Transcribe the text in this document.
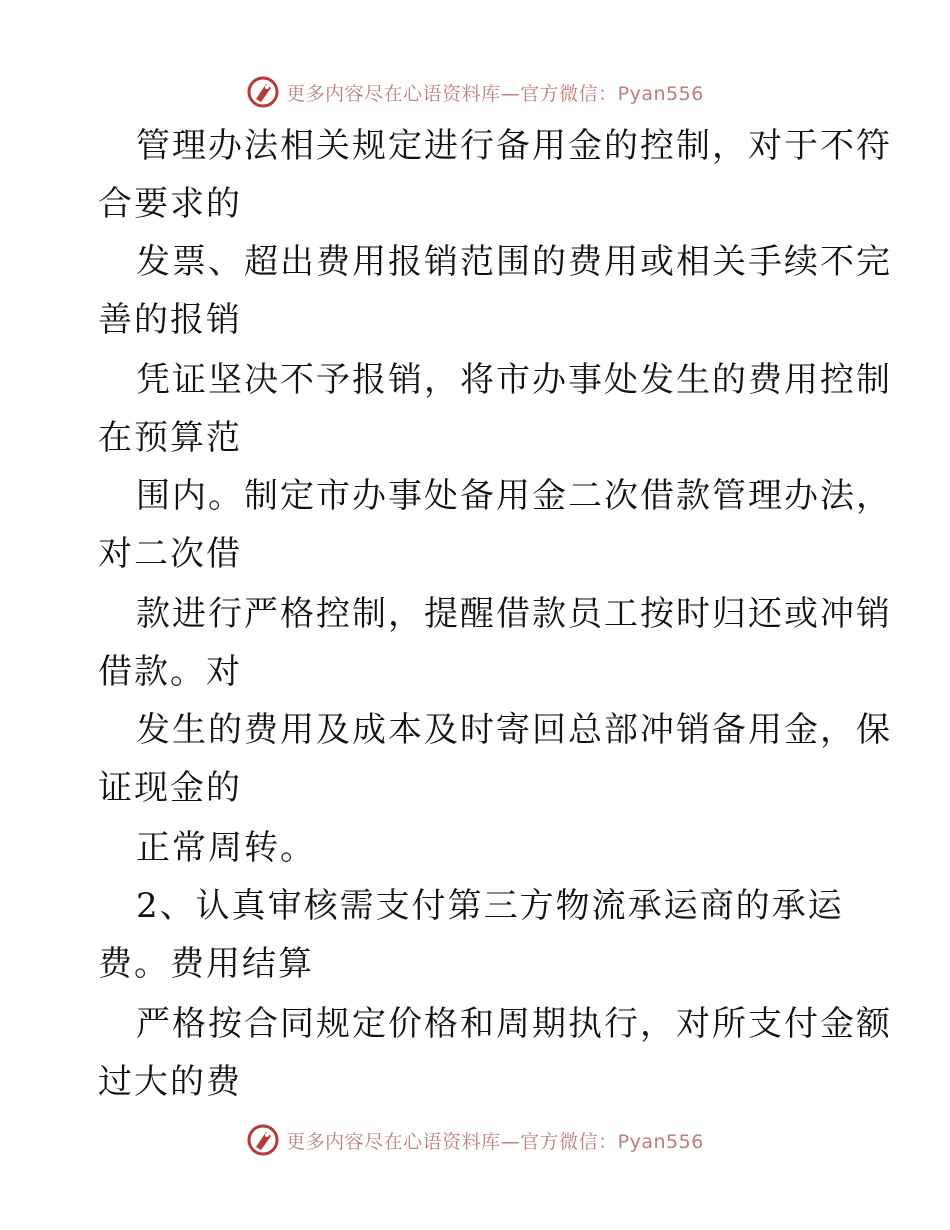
更多内容尽在心语资料库—官方微信：Pyan556
管理办法相关规定进行备用金的控制，对于不符
合要求的
发票、超出费用报销范围的费用或相关手续不完
善的报销
凭证坚决不予报销，将市办事处发生的费用控制
在预算范
围内。制定市办事处备用金二次借款管理办法，
对二次借
款进行严格控制，提醒借款员工按时归还或冲销
借款。对
发生的费用及成本及时寄回总部冲销备用金，保
证现金的
正常周转。
2、认真审核需支付第三方物流承运商的承运
费。费用结算
严格按合同规定价格和周期执行，对所支付金额
过大的费
更多内容尽在心语资料库—官方微信：Pyan556
